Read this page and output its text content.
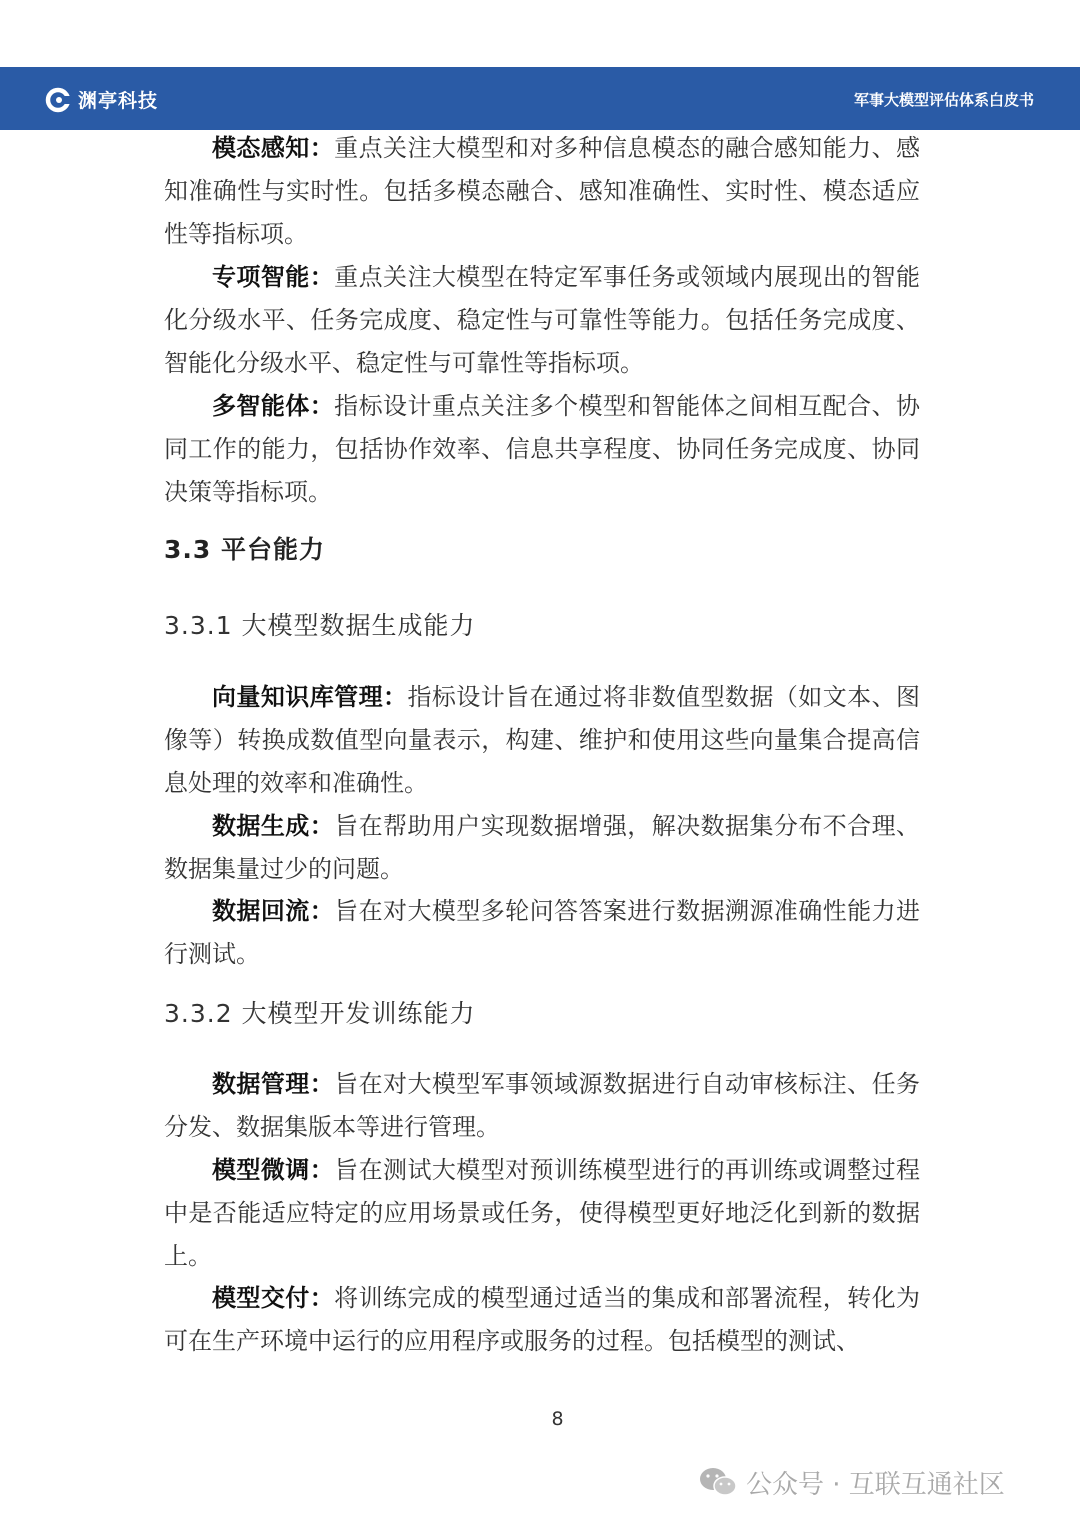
渊亭科技	军事大模型评估体系白皮书

模态感知：重点关注大模型和对多种信息模态的融合感知能力、感知准确性与实时性。包括多模态融合、感知准确性、实时性、模态适应性等指标项。

专项智能：重点关注大模型在特定军事任务或领域内展现出的智能化分级水平、任务完成度、稳定性与可靠性等能力。包括任务完成度、智能化分级水平、稳定性与可靠性等指标项。

多智能体：指标设计重点关注多个模型和智能体之间相互配合、协同工作的能力，包括协作效率、信息共享程度、协同任务完成度、协同决策等指标项。

3.3 平台能力
3.3.1 大模型数据生成能力

向量知识库管理：指标设计旨在通过将非数值型数据（如文本、图像等）转换成数值型向量表示，构建、维护和使用这些向量集合提高信息处理的效率和准确性。

数据生成：旨在帮助用户实现数据增强，解决数据集分布不合理、数据集量过少的问题。

数据回流：旨在对大模型多轮问答答案进行数据溯源准确性能力进行测试。

3.3.2 大模型开发训练能力

数据管理：旨在对大模型军事领域源数据进行自动审核标注、任务分发、数据集版本等进行管理。

模型微调：旨在测试大模型对预训练模型进行的再训练或调整过程中是否能适应特定的应用场景或任务，使得模型更好地泛化到新的数据上。

模型交付：将训练完成的模型通过适当的集成和部署流程，转化为可在生产环境中运行的应用程序或服务的过程。包括模型的测试、

8
公众号 · 互联互通社区
